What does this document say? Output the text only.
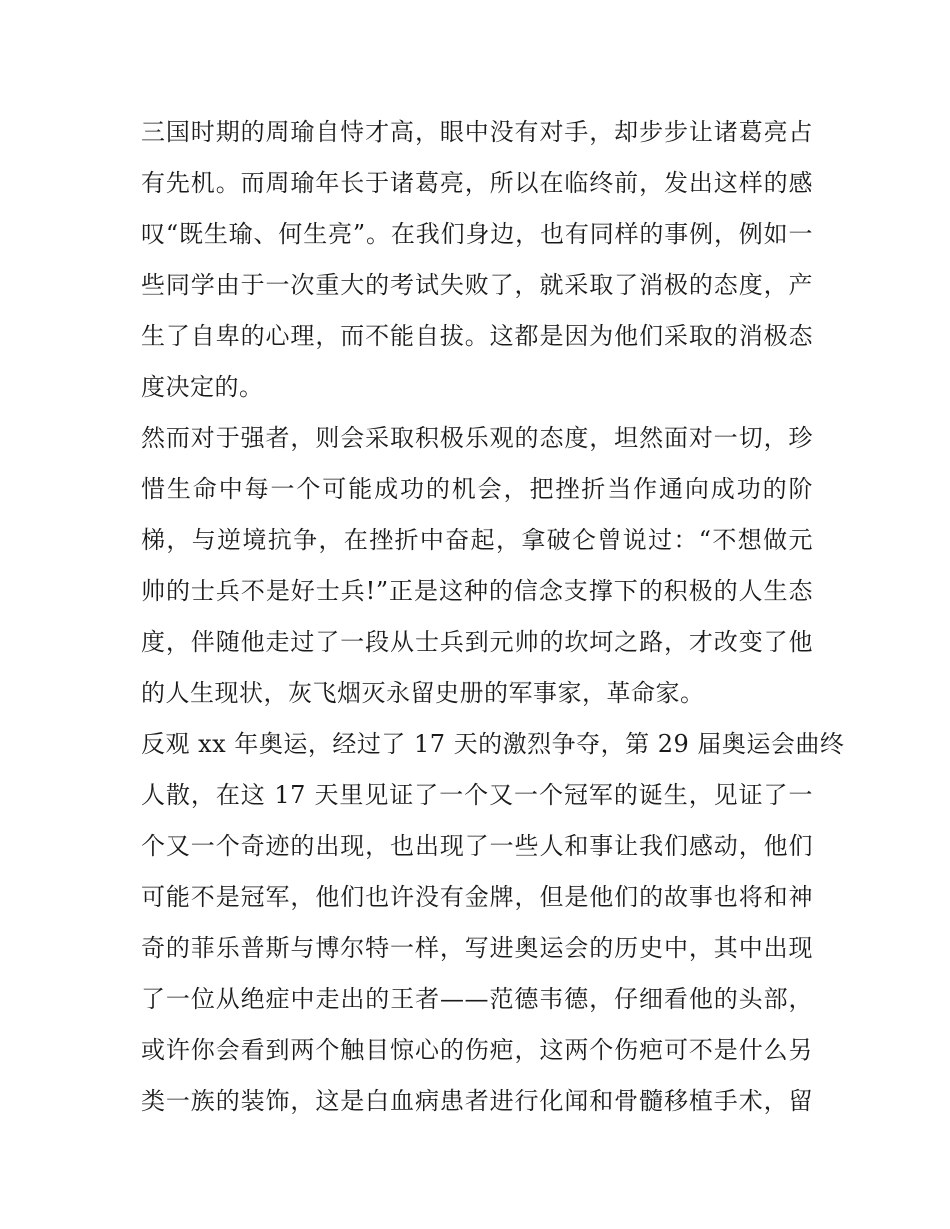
三国时期的周瑜自恃才高，眼中没有对手，却步步让诸葛亮占
有先机。而周瑜年长于诸葛亮，所以在临终前，发出这样的感
叹“既生瑜、何生亮”。在我们身边，也有同样的事例，例如一
些同学由于一次重大的考试失败了，就采取了消极的态度，产
生了自卑的心理，而不能自拔。这都是因为他们采取的消极态
度决定的。
然而对于强者，则会采取积极乐观的态度，坦然面对一切，珍
惜生命中每一个可能成功的机会，把挫折当作通向成功的阶
梯，与逆境抗争，在挫折中奋起，拿破仑曾说过：“不想做元
帅的士兵不是好士兵!”正是这种的信念支撑下的积极的人生态
度，伴随他走过了一段从士兵到元帅的坎坷之路，才改变了他
的人生现状，灰飞烟灭永留史册的军事家，革命家。
反观 xx 年奥运，经过了 17 天的激烈争夺，第 29 届奥运会曲终
人散，在这 17 天里见证了一个又一个冠军的诞生，见证了一
个又一个奇迹的出现，也出现了一些人和事让我们感动，他们
可能不是冠军，他们也许没有金牌，但是他们的故事也将和神
奇的菲乐普斯与博尔特一样，写进奥运会的历史中，其中出现
了一位从绝症中走出的王者——范德韦德，仔细看他的头部，
或许你会看到两个触目惊心的伤疤，这两个伤疤可不是什么另
类一族的装饰，这是白血病患者进行化闻和骨髓移植手术，留
